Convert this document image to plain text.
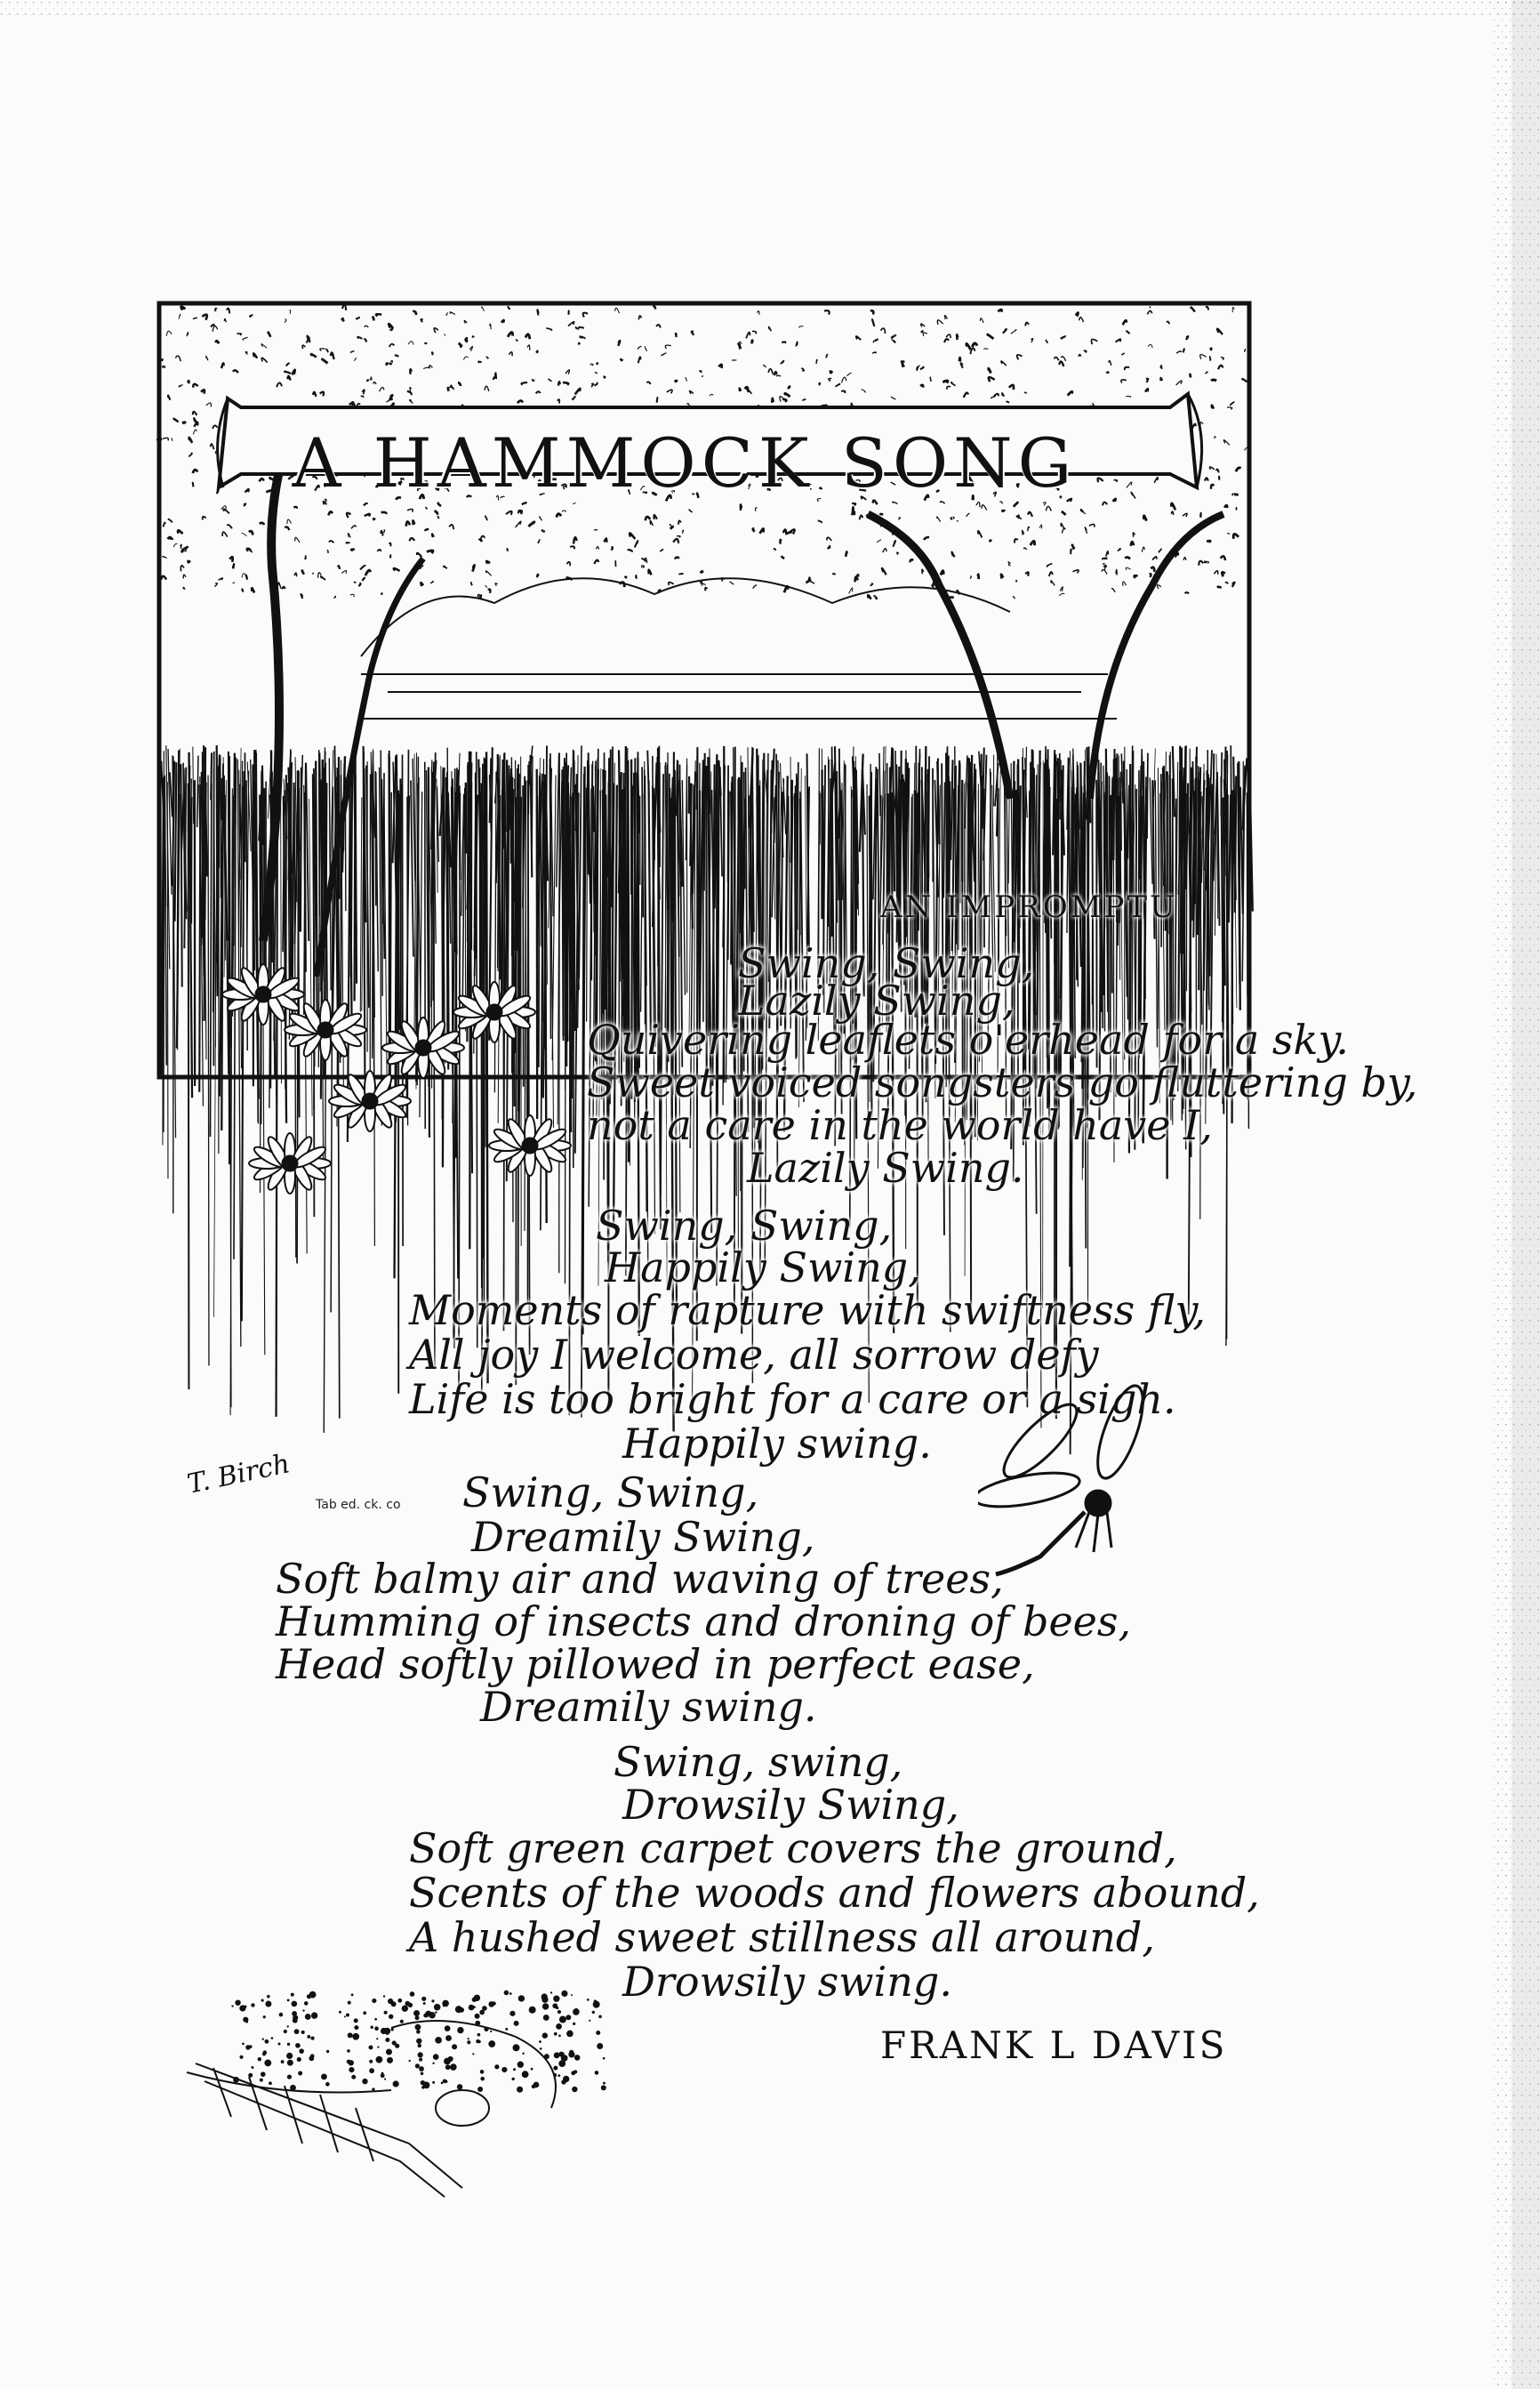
A HAMMOCK SONG
AN IMPROMPTU
Swing, Swing,
Lazily Swing,
Quivering leaflets o'erhead for a sky.
Sweet voiced songsters go fluttering by,
not a care in the world have I,
Lazily Swing.
Swing, Swing,
Happily Swing,
Moments of rapture with swiftness fly,
All joy I welcome, all sorrow defy
Life is too bright for a care or a sigh.
Happily swing.
Swing, Swing,
Dreamily Swing,
Soft balmy air and waving of trees,
Humming of insects and droning of bees,
Head softly pillowed in perfect ease,
Dreamily swing.
Swing, swing,
Drowsily Swing,
Soft green carpet covers the ground,
Scents of the woods and flowers abound,
A hushed sweet stillness all around,
Drowsily swing.
FRANK L DAVIS
T. Birch
Tab ed. ck. co
